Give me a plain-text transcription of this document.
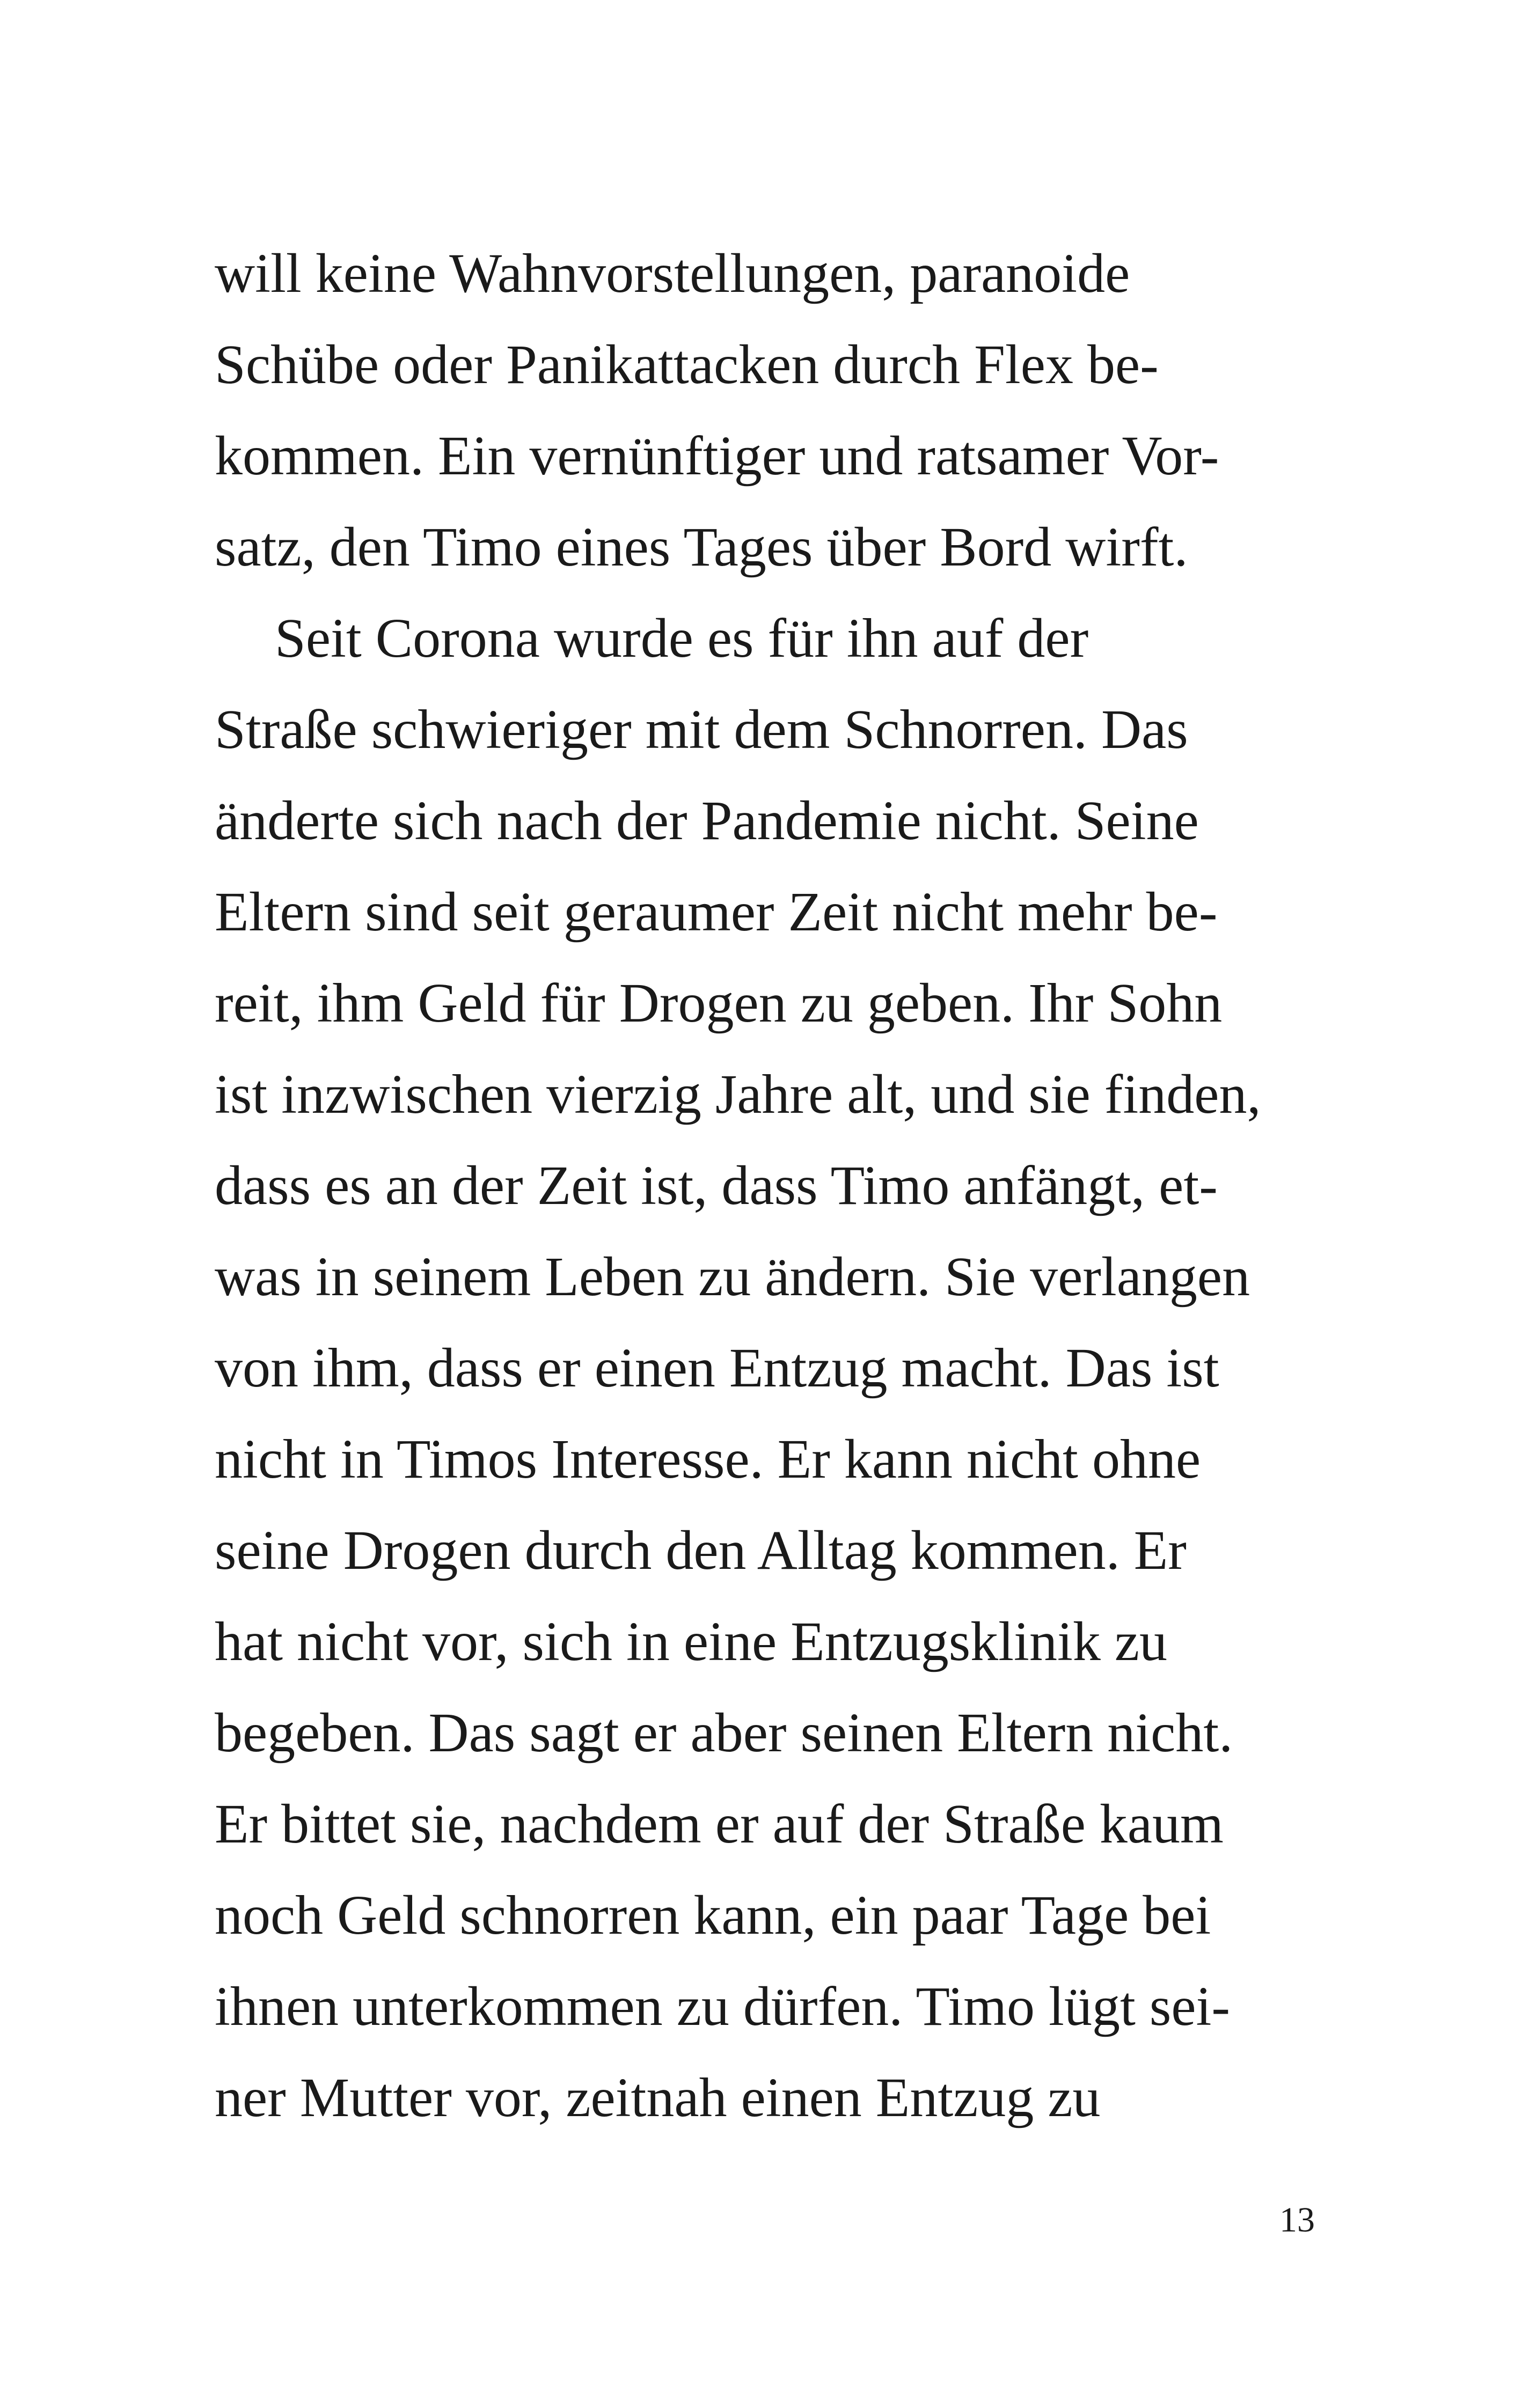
will keine Wahnvorstellungen, paranoide
Schübe oder Panikattacken durch Flex be-
kommen. Ein vernünftiger und ratsamer Vor-
satz, den Timo eines Tages über Bord wirft.
Seit Corona wurde es für ihn auf der
Straße schwieriger mit dem Schnorren. Das
änderte sich nach der Pandemie nicht. Seine
Eltern sind seit geraumer Zeit nicht mehr be-
reit, ihm Geld für Drogen zu geben. Ihr Sohn
ist inzwischen vierzig Jahre alt, und sie finden,
dass es an der Zeit ist, dass Timo anfängt, et-
was in seinem Leben zu ändern. Sie verlangen
von ihm, dass er einen Entzug macht. Das ist
nicht in Timos Interesse. Er kann nicht ohne
seine Drogen durch den Alltag kommen. Er
hat nicht vor, sich in eine Entzugsklinik zu
begeben. Das sagt er aber seinen Eltern nicht.
Er bittet sie, nachdem er auf der Straße kaum
noch Geld schnorren kann, ein paar Tage bei
ihnen unterkommen zu dürfen. Timo lügt sei-
ner Mutter vor, zeitnah einen Entzug zu
13
